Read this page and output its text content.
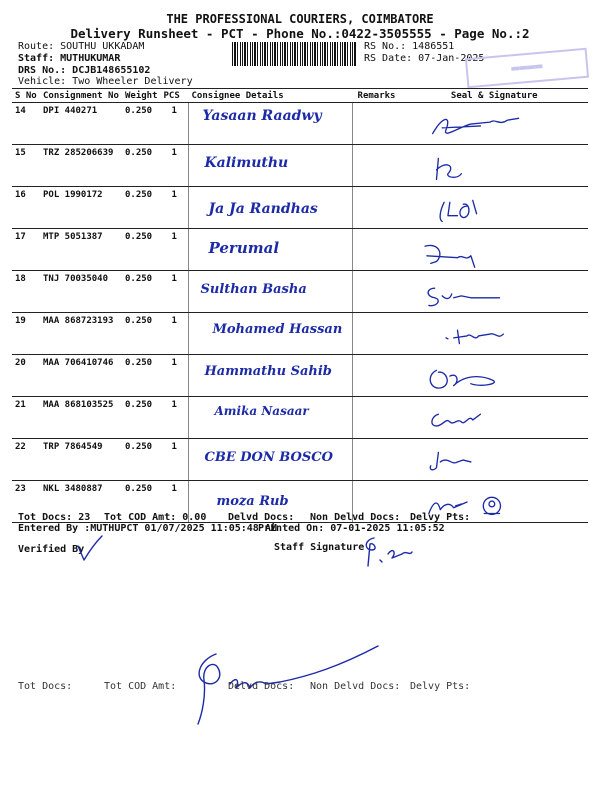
THE PROFESSIONAL COURIERS, COIMBATORE
Delivery Runsheet - PCT - Phone No.:0422-3505555 - Page No.:2
Route: SOUTHU UKKADAM
Staff: MUTHUKUMAR
DRS No.: DCJB148655102
Vehicle: Two Wheeler Delivery
RS No.: 1486551
RS Date: 07-Jan-2025
▬▬▬▬
S No	Consignment No	Weight	PCS	Consignee Details	Remarks	Seal & Signature
14	DPI 440271	0.250	1	Yasaan Raadwy

15	TRZ 285206639	0.250	1	Kalimuthu

16	POL 1990172	0.250	1	Ja Ja Randhas

17	MTP 5051387	0.250	1	Perumal

18	TNJ 70035040	0.250	1	Sulthan Basha

19	MAA 868723193	0.250	1	Mohamed Hassan

20	MAA 706410746	0.250	1	Hammathu Sahib

21	MAA 868103525	0.250	1	Amika Nasaar

22	TRP 7864549	0.250	1	CBE DON BOSCO

23	NKL 3480887	0.250	1	moza Rub

Tot Docs: 23 Tot COD Amt: 0.00 Delvd Docs: Non Delvd Docs: Delvy Pts:
Entered By :MUTHUPCT 01/07/2025 11:05:48 AM
Printed On: 07-01-2025 11:05:52
Verified By	Staff Signature
Tot Docs:	Tot COD Amt:	Delvd Docs: Non Delvd Docs: Delvy Pts:
